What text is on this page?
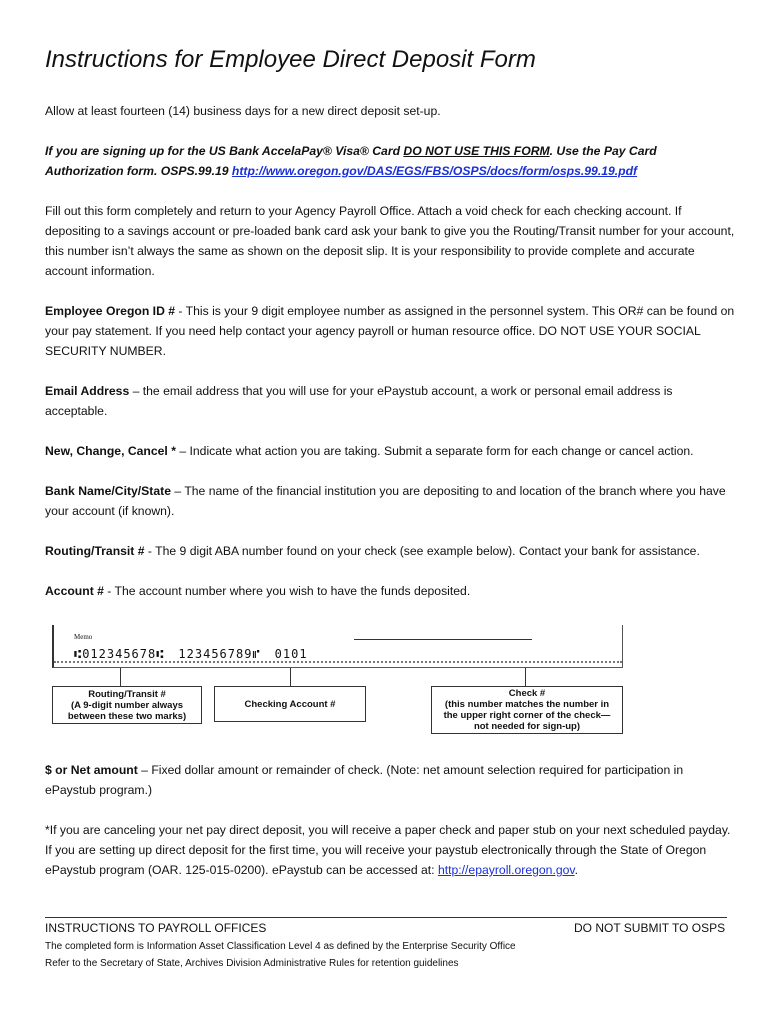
Instructions for Employee Direct Deposit Form

Allow at least fourteen (14) business days for a new direct deposit set-up.

If you are signing up for the US Bank AccelaPay® Visa® Card DO NOT USE THIS FORM. Use the Pay Card Authorization form. OSPS.99.19 http://www.oregon.gov/DAS/EGS/FBS/OSPS/docs/form/osps.99.19.pdf

Fill out this form completely and return to your Agency Payroll Office. Attach a void check for each checking account. If depositing to a savings account or pre-loaded bank card ask your bank to give you the Routing/Transit number for your account, this number isn’t always the same as shown on the deposit slip. It is your responsibility to provide complete and accurate account information.

Employee Oregon ID # - This is your 9 digit employee number as assigned in the personnel system. This OR# can be found on your pay statement. If you need help contact your agency payroll or human resource office. DO NOT USE YOUR SOCIAL SECURITY NUMBER.

Email Address – the email address that you will use for your ePaystub account, a work or personal email address is acceptable.

New, Change, Cancel * – Indicate what action you are taking. Submit a separate form for each change or cancel action.

Bank Name/City/State – The name of the financial institution you are depositing to and location of the branch where you have your account (if known).

Routing/Transit # - The 9 digit ABA number found on your check (see example below). Contact your bank for assistance.

Account # - The account number where you wish to have the funds deposited.

Memo
⑆012345678⑆ 123456789⑈ 0101
Routing/Transit #
(A 9-digit number always
between these two marks)
Checking Account #
Check #
(this number matches the number in
the upper right corner of the check—
not needed for sign-up)

$ or Net amount – Fixed dollar amount or remainder of check. (Note: net amount selection required for participation in ePaystub program.)

*If you are canceling your net pay direct deposit, you will receive a paper check and paper stub on your next scheduled payday. If you are setting up direct deposit for the first time, you will receive your paystub electronically through the State of Oregon ePaystub program (OAR. 125-015-0200). ePaystub can be accessed at: http://epayroll.oregon.gov.

INSTRUCTIONS TO PAYROLL OFFICES	DO NOT SUBMIT TO OSPS
The completed form is Information Asset Classification Level 4 as defined by the Enterprise Security Office
Refer to the Secretary of State, Archives Division Administrative Rules for retention guidelines
